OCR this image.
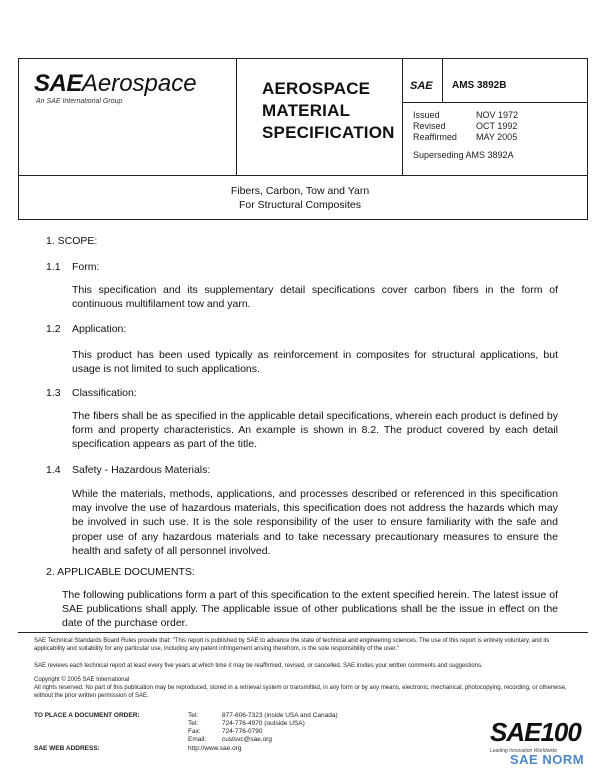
SAEAerospace
An SAE International Group
AEROSPACE
MATERIAL
SPECIFICATION
SAE AMS 3892B
Issued
Revised
Reaffirmed
NOV 1972
OCT 1992
MAY 2005
Superseding AMS 3892A
Fibers, Carbon, Tow and Yarn
For Structural Composites
1. SCOPE:
1.1 Form:
This specification and its supplementary detail specifications cover carbon fibers in the form of continuous multifilament tow and yarn.
1.2 Application:
This product has been used typically as reinforcement in composites for structural applications, but usage is not limited to such applications.
1.3 Classification:
The fibers shall be as specified in the applicable detail specifications, wherein each product is defined by form and property characteristics. An example is shown in 8.2. The product covered by each detail specification appears as part of the title.
1.4 Safety - Hazardous Materials:
While the materials, methods, applications, and processes described or referenced in this specification may involve the use of hazardous materials, this specification does not address the hazards which may be involved in such use. It is the sole responsibility of the user to ensure familiarity with the safe and proper use of any hazardous materials and to take necessary precautionary measures to ensure the health and safety of all personnel involved.
2. APPLICABLE DOCUMENTS:
The following publications form a part of this specification to the extent specified herein. The latest issue of SAE publications shall apply. The applicable issue of other publications shall be the issue in effect on the date of the purchase order.
SAE Technical Standards Board Rules provide that: "This report is published by SAE to advance the state of technical and engineering sciences. The use of this report is entirely voluntary, and its applicability and suitability for any particular use, including any patent infringement arising therefrom, is the sole responsibility of the user."
SAE reviews each technical report at least every five years at which time it may be reaffirmed, revised, or cancelled. SAE invites your written comments and suggestions.
Copyright © 2005 SAE International
All rights reserved. No part of this publication may be reproduced, stored in a retrieval system or transmitted, in any form or by any means, electronic, mechanical, photocopying, recording, or otherwise, without the prior written permission of SAE.
TO PLACE A DOCUMENT ORDER:	Tel:
Tel:
Fax:
Email:
877-606-7323 (inside USA and Canada)
724-776-4970 (outside USA)
724-776-0790
custsvc@sae.org
SAE WEB ADDRESS:	http://www.sae.org
SAE100
Leading Innovation Worldwide
SAE NORM
